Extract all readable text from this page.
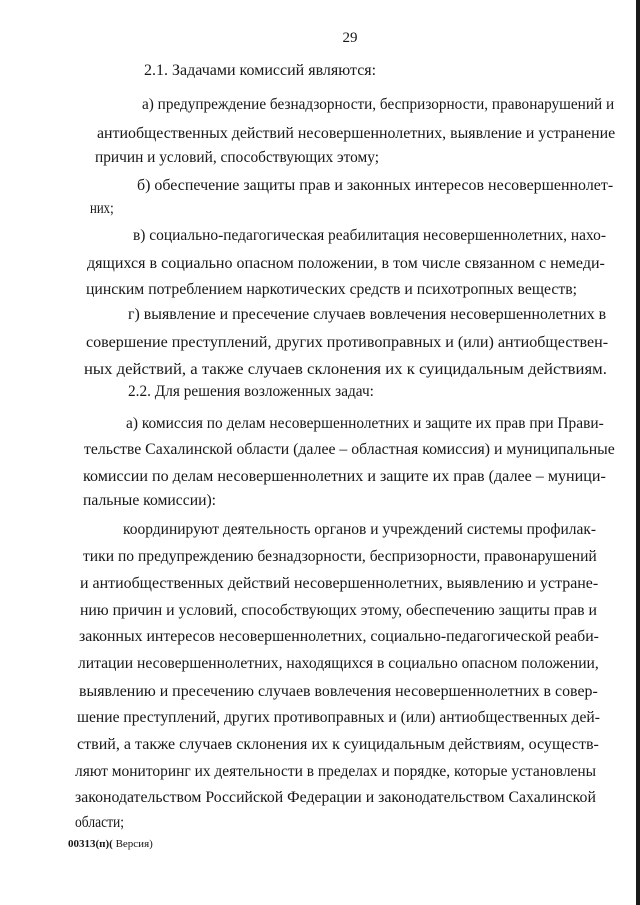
29
2.1. Задачами комиссий являются:
а) предупреждение безнадзорности, беспризорности, правонарушений и
антиобщественных действий несовершеннолетних, выявление и устранение
причин и условий, способствующих этому;
б) обеспечение защиты прав и законных интересов несовершеннолет-
них;
в) социально-педагогическая реабилитация несовершеннолетних, нахо-
дящихся в социально опасном положении, в том числе связанном с немеди-
цинским потреблением наркотических средств и психотропных веществ;
г) выявление и пресечение случаев вовлечения несовершеннолетних в
совершение преступлений, других противоправных и (или) антиобществен-
ных действий, а также случаев склонения их к суицидальным действиям.
2.2. Для решения возложенных задач:
а) комиссия по делам несовершеннолетних и защите их прав при Прави-
тельстве Сахалинской области (далее – областная комиссия) и муниципальные
комиссии по делам несовершеннолетних и защите их прав (далее – муници-
пальные комиссии):
координируют деятельность органов и учреждений системы профилак-
тики по предупреждению безнадзорности, беспризорности, правонарушений
и антиобщественных действий несовершеннолетних, выявлению и устране-
нию причин и условий, способствующих этому, обеспечению защиты прав и
законных интересов несовершеннолетних, социально-педагогической реаби-
литации несовершеннолетних, находящихся в социально опасном положении,
выявлению и пресечению случаев вовлечения несовершеннолетних в совер-
шение преступлений, других противоправных и (или) антиобщественных дей-
ствий, а также случаев склонения их к суицидальным действиям, осуществ-
ляют мониторинг их деятельности в пределах и порядке, которые установлены
законодательством Российской Федерации и законодательством Сахалинской
области;
00313(п)( Версия)
